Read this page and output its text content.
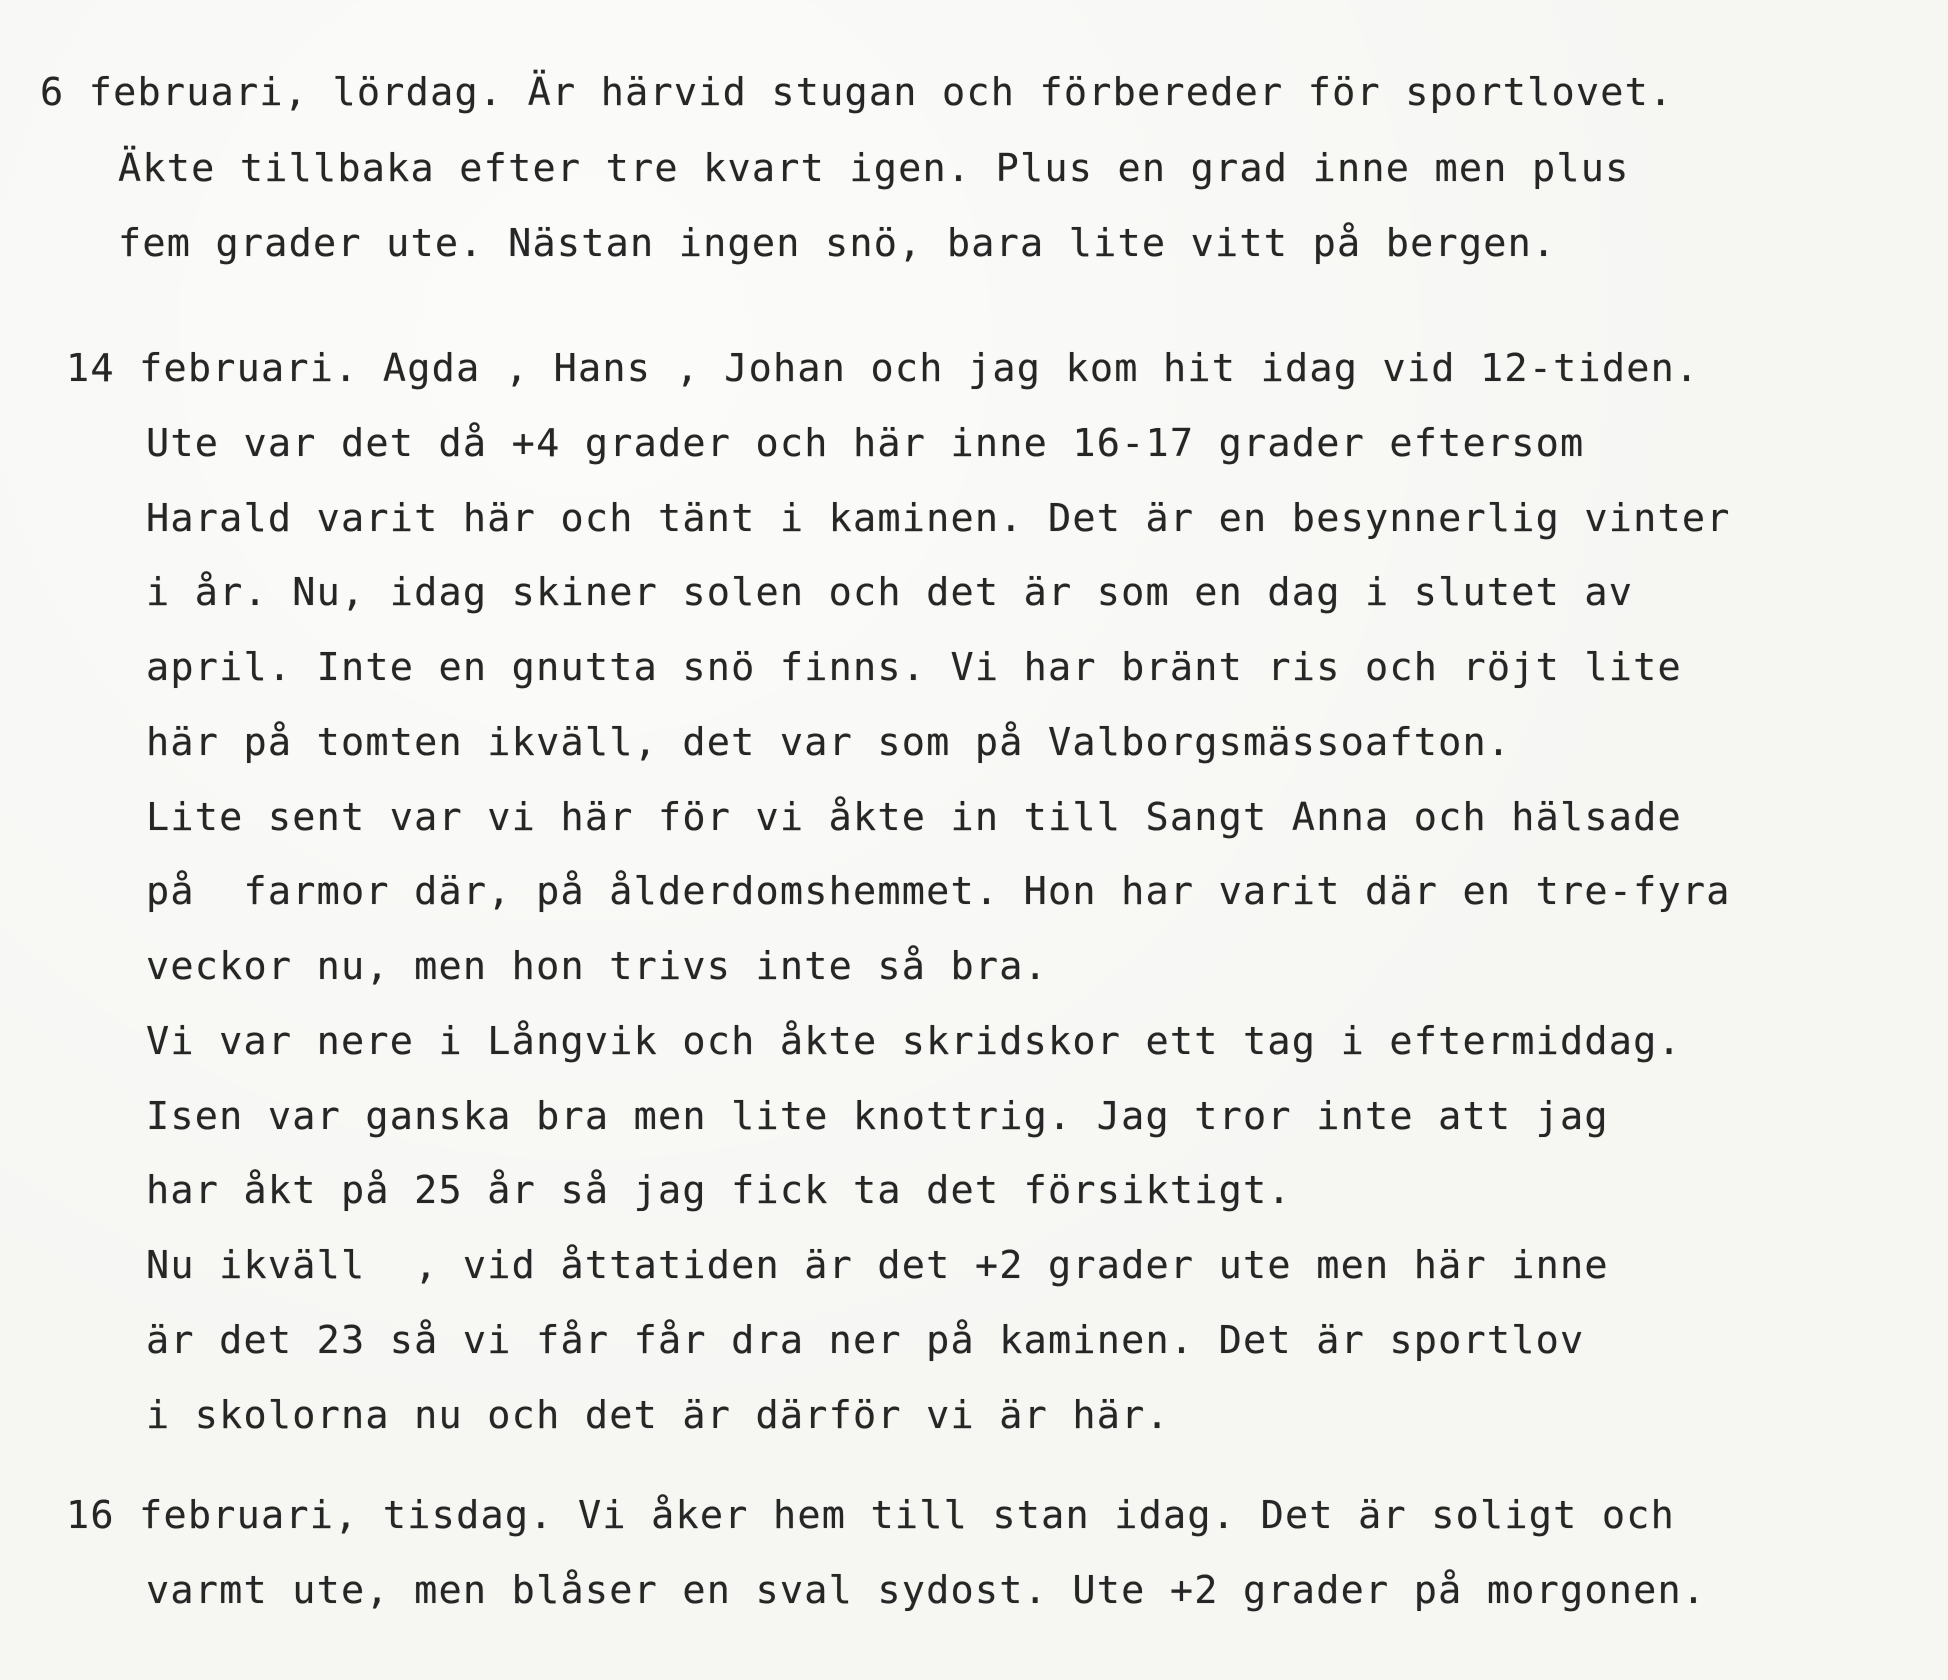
6 februari, lördag. Är härvid stugan och förbereder för sportlovet.
Äkte tillbaka efter tre kvart igen. Plus en grad inne men plus
fem grader ute. Nästan ingen snö, bara lite vitt på bergen.
14 februari. Agda , Hans , Johan och jag kom hit idag vid 12-tiden.
Ute var det då +4 grader och här inne 16-17 grader eftersom
Harald varit här och tänt i kaminen. Det är en besynnerlig vinter
i år. Nu, idag skiner solen och det är som en dag i slutet av
april. Inte en gnutta snö finns. Vi har bränt ris och röjt lite
här på tomten ikväll, det var som på Valborgsmässoafton.
Lite sent var vi här för vi åkte in till Sangt Anna och hälsade
på  farmor där, på ålderdomshemmet. Hon har varit där en tre-fyra
veckor nu, men hon trivs inte så bra.
Vi var nere i Långvik och åkte skridskor ett tag i eftermiddag.
Isen var ganska bra men lite knottrig. Jag tror inte att jag
har åkt på 25 år så jag fick ta det försiktigt.
Nu ikväll  , vid åttatiden är det +2 grader ute men här inne
är det 23 så vi får får dra ner på kaminen. Det är sportlov
i skolorna nu och det är därför vi är här.
16 februari, tisdag. Vi åker hem till stan idag. Det är soligt och
varmt ute, men blåser en sval sydost. Ute +2 grader på morgonen.
